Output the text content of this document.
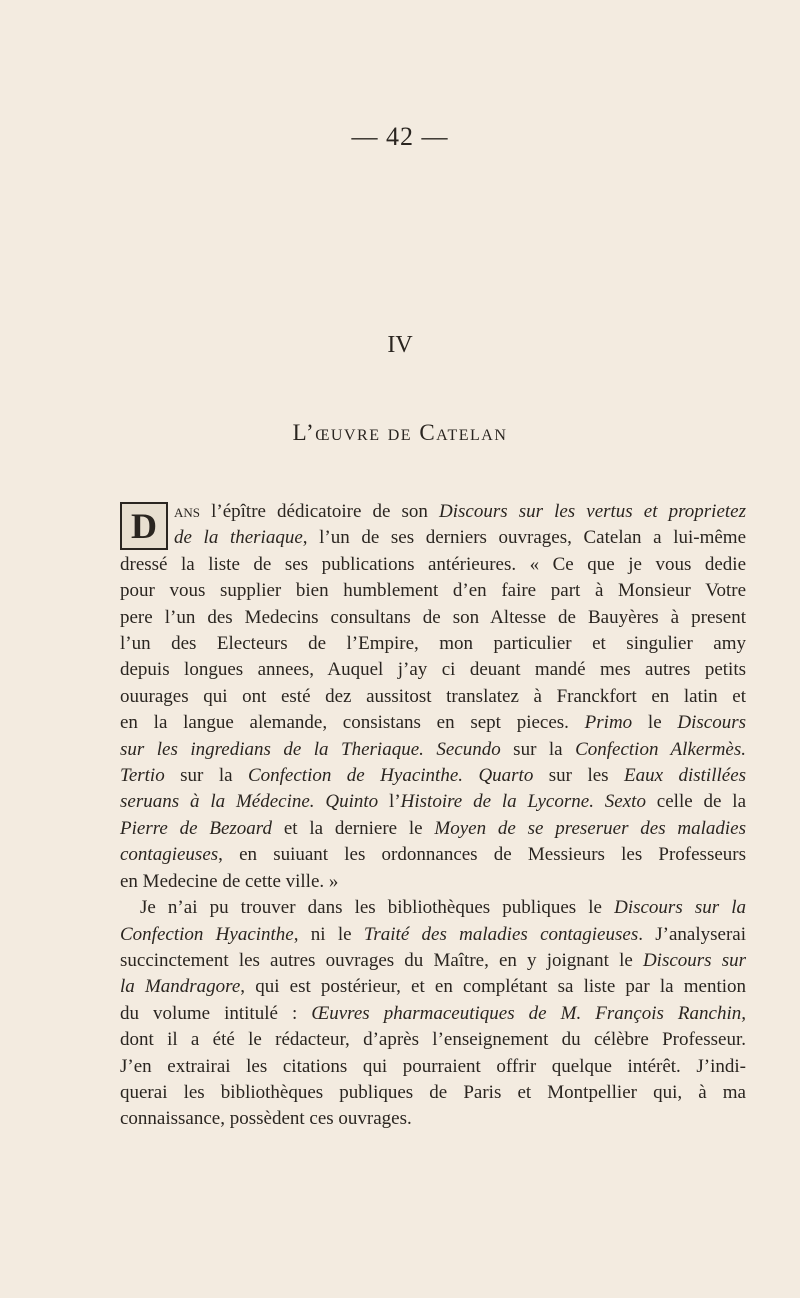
— 42 —
IV
L’œuvre de Catelan
D ans l’épître dédicatoire de son Discours sur les vertus et proprietez
de la theriaque, l’un de ses derniers ouvrages, Catelan a lui-même
dressé la liste de ses publications antérieures. « Ce que je vous dedie
pour vous supplier bien humblement d’en faire part à Monsieur Votre
pere l’un des Medecins consultans de son Altesse de Bauyères à present
l’un des Electeurs de l’Empire, mon particulier et singulier amy
depuis longues annees, Auquel j’ay ci deuant mandé mes autres petits
ouurages qui ont esté dez aussitost translatez à Franckfort en latin et
en la langue alemande, consistans en sept pieces. Primo le Discours
sur les ingredians de la Theriaque. Secundo sur la Confection Alkermès.
Tertio sur la Confection de Hyacinthe. Quarto sur les Eaux distillées
seruans à la Médecine. Quinto l’Histoire de la Lycorne. Sexto celle de la
Pierre de Bezoard et la derniere le Moyen de se preseruer des maladies
contagieuses, en suiuant les ordonnances de Messieurs les Professeurs
en Medecine de cette ville. »
Je n’ai pu trouver dans les bibliothèques publiques le Discours sur la
Confection Hyacinthe, ni le Traité des maladies contagieuses. J’analyserai
succinctement les autres ouvrages du Maître, en y joignant le Discours sur
la Mandragore, qui est postérieur, et en complétant sa liste par la mention
du volume intitulé : Œuvres pharmaceutiques de M. François Ranchin,
dont il a été le rédacteur, d’après l’enseignement du célèbre Professeur.
J’en extrairai les citations qui pourraient offrir quelque intérêt. J’indi-
querai les bibliothèques publiques de Paris et Montpellier qui, à ma
connaissance, possèdent ces ouvrages.
